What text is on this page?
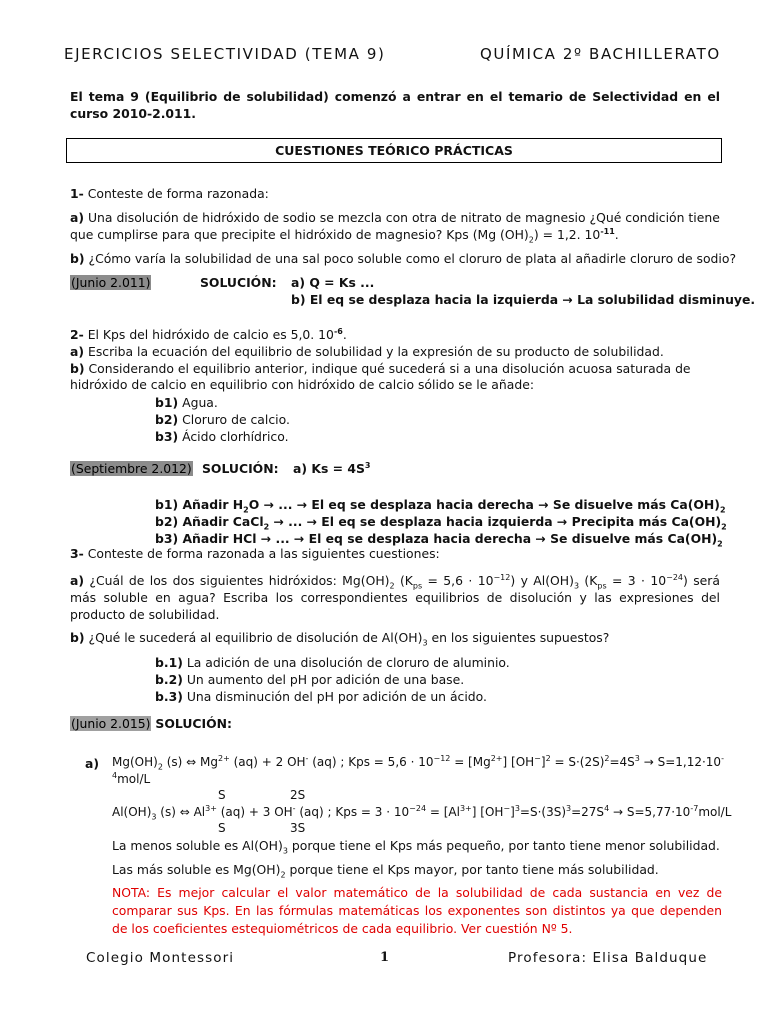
EJERCICIOS SELECTIVIDAD (TEMA 9)	QUÍMICA 2º BACHILLERATO
El tema 9 (Equilibrio de solubilidad) comenzó a entrar en el temario de Selectividad en el curso 2010-2.011.
CUESTIONES TEÓRICO PRÁCTICAS
1- Conteste de forma razonada:
a) Una disolución de hidróxido de sodio se mezcla con otra de nitrato de magnesio ¿Qué condición tiene que cumplirse para que precipite el hidróxido de magnesio? Kps (Mg $(OH)_2) = 1,2$. $10^{-11}$.
b) ¿Cómo varía la solubilidad de una sal poco soluble como el cloruro de plata al añadirle cloruro de sodio?
(Junio 2.011)	SOLUCIÓN: a) Q = Ks ...
b) El eq se desplaza hacia la izquierda → La solubilidad disminuye.
2- El Kps del hidróxido de calcio es 5,0. $10^{-6}$.
a) Escriba la ecuación del equilibrio de solubilidad y la expresión de su producto de solubilidad.
b) Considerando el equilibrio anterior, indique qué sucederá si a una disolución acuosa saturada de hidróxido de calcio en equilibrio con hidróxido de calcio sólido se le añade:
b1) Agua.
b2) Cloruro de calcio.
b3) Ácido clorhídrico.
(Septiembre 2.012) SOLUCIÓN: a) $Ks = 4S^3$
b1) Añadir $H_2O$ → ... → El eq se desplaza hacia derecha → Se disuelve más $Ca(OH)_2$
b2) Añadir CaCl$_2$ → ... → El eq se desplaza hacia izquierda → Precipita más $Ca(OH)_2$
b3) Añadir HCl → ... → El eq se desplaza hacia derecha → Se disuelve más $Ca(OH)_2$
3- Conteste de forma razonada a las siguientes cuestiones:
a) ¿Cuál de los dos siguientes hidróxidos: $Mg(OH)_2$ $(K_{ps} = 5,6 \cdot 10^{-12})$ y $Al(OH)_3$ $(K_{ps} = 3 \cdot 10^{-24})$ será más soluble en agua? Escriba los correspondientes equilibrios de disolución y las expresiones del producto de solubilidad.
b) ¿Qué le sucederá al equilibrio de disolución de $Al(OH)_3$ en los siguientes supuestos?
b.1) La adición de una disolución de cloruro de aluminio.
b.2) Un aumento del pH por adición de una base.
b.3) Una disminución del pH por adición de un ácido.
(Junio 2.015) SOLUCIÓN:
a) $Mg(OH)_2$ (s) ⇔ $Mg^{2+}$ (aq) + 2 OH- (aq) ; Kps = $5,6 \cdot 10^{-12} = [Mg^{2+}] [OH^-]^2 = S\cdot(2S)^2=4S^3 \to S=1,12\cdot 10^-$
$^4$mol/L
S	2S
$Al(OH)_3$ (s) ⇔ $Al^{3+}$ (aq) + 3 OH- (aq) ; Kps = $3 \cdot 10^{-24} = [Al^{3+}] [OH^-]^3=S\cdot(3S)^3=27S^4 \to S=5,77\cdot 10^{-7}mol/L$
S	3S
La menos soluble es $Al(OH)_3$ porque tiene el Kps más pequeño, por tanto tiene menor solubilidad.
Las más soluble es $Mg(OH)_2$ porque tiene el Kps mayor, por tanto tiene más solubilidad.
NOTA: Es mejor calcular el valor matemático de la solubilidad de cada sustancia en vez de comparar sus Kps. En las fórmulas matemáticas los exponentes son distintos ya que dependen de los coeficientes estequiométricos de cada equilibrio. Ver cuestión Nº 5.
Colegio Montessori	1	Profesora: Elisa Balduque
